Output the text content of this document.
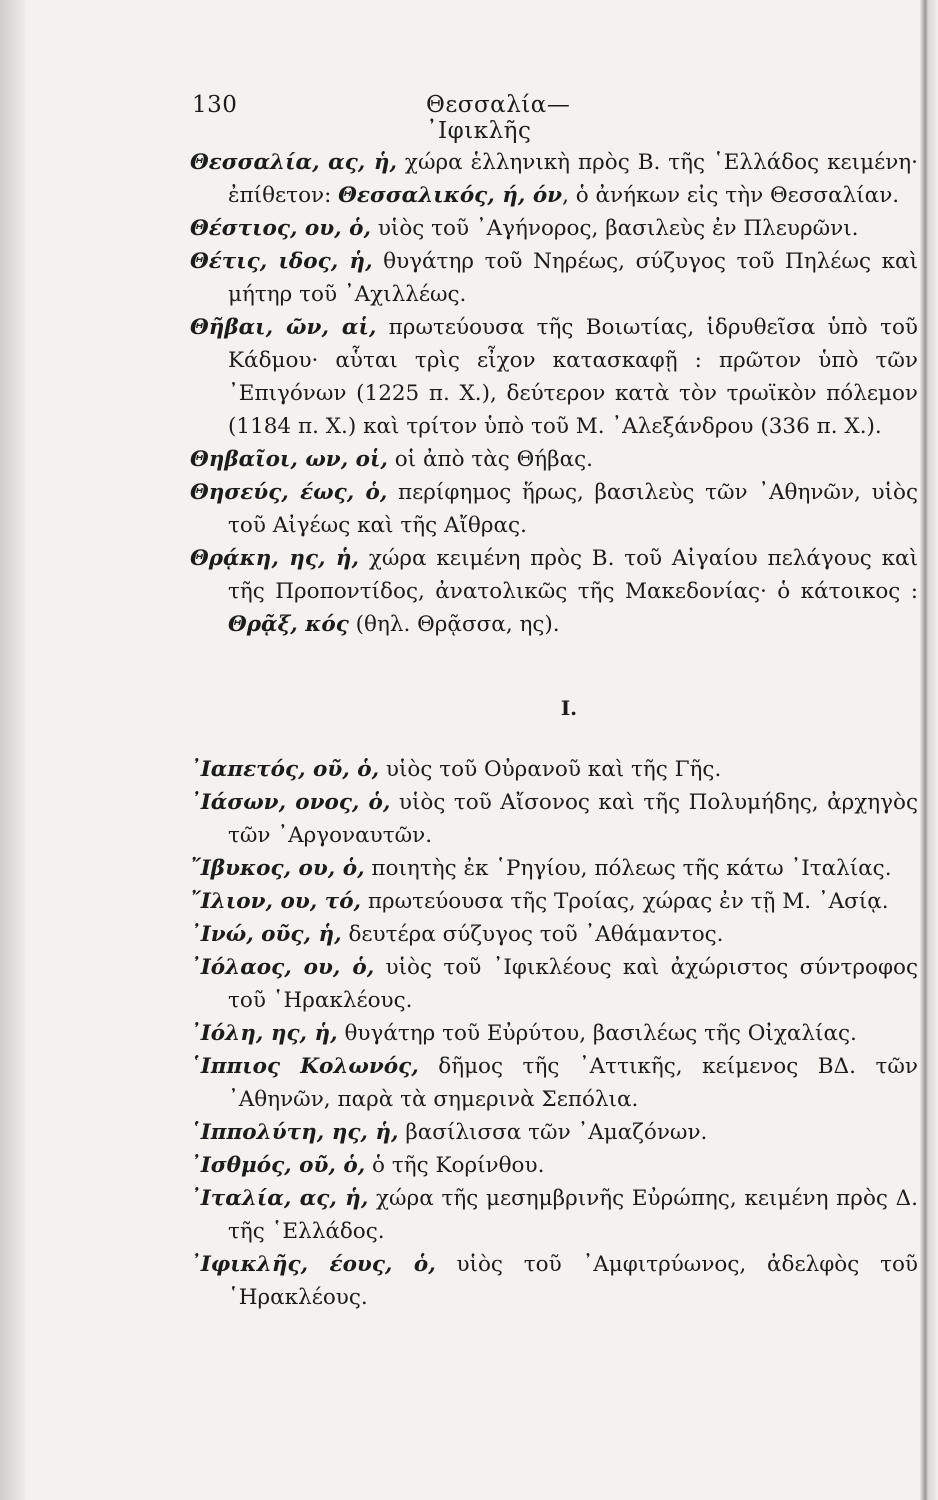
130	Θεσσαλία—᾿Ιφικλῆς
Θεσσαλία, ας, ἡ, χώρα ἑλληνικὴ πρὸς Β. τῆς ῾Ελλάδος κειμένη· ἐπίθετον: Θεσσαλικός, ή, όν, ὁ ἀνήκων εἰς τὴν Θεσσαλίαν.
Θέστιος, ου, ὁ, υἱὸς τοῦ ᾿Αγήνορος, βασιλεὺς ἐν Πλευρῶνι.
Θέτις, ιδος, ἡ, θυγάτηρ τοῦ Νηρέως, σύζυγος τοῦ Πηλέως καὶ μήτηρ τοῦ ᾿Αχιλλέως.
Θῆβαι, ῶν, αἱ, πρωτεύουσα τῆς Βοιωτίας, ἱδρυθεῖσα ὑπὸ τοῦ Κάδμου· αὗται τρὶς εἶχον κατασκαφῇ : πρῶτον ὑπὸ τῶν ᾿Επιγόνων (1225 π. Χ.), δεύτερον κατὰ τὸν τρωϊκὸν πόλεμον (1184 π. Χ.) καὶ τρίτον ὑπὸ τοῦ Μ. ᾿Αλεξάνδρου (336 π. Χ.).
Θηβαῖοι, ων, οἱ, οἱ ἀπὸ τὰς Θήβας.
Θησεύς, έως, ὁ, περίφημος ἥρως, βασιλεὺς τῶν ᾿Αθηνῶν, υἱὸς τοῦ Αἰγέως καὶ τῆς Αἴθρας.
Θρᾴκη, ης, ἡ, χώρα κειμένη πρὸς Β. τοῦ Αἰγαίου πελάγους καὶ τῆς Προποντίδος, ἀνατολικῶς τῆς Μακεδονίας· ὁ κάτοικος : Θρᾷξ, κός (θηλ. Θρᾷσσα, ης).
Ι.
᾿Ιαπετός, οῦ, ὁ, υἱὸς τοῦ Οὐρανοῦ καὶ τῆς Γῆς.
᾿Ιάσων, ονος, ὁ, υἱὸς τοῦ Αἴσονος καὶ τῆς Πολυμήδης, ἀρχηγὸς τῶν ᾿Αργοναυτῶν.
῎Ιβυκος, ου, ὁ, ποιητὴς ἐκ ῾Ρηγίου, πόλεως τῆς κάτω ᾿Ιταλίας.
῎Ιλιον, ου, τό, πρωτεύουσα τῆς Τροίας, χώρας ἐν τῇ Μ. ᾿Ασίᾳ.
᾿Ινώ, οῦς, ἡ, δευτέρα σύζυγος τοῦ ᾿Αθάμαντος.
᾿Ιόλαος, ου, ὁ, υἱὸς τοῦ ᾿Ιφικλέους καὶ ἀχώριστος σύντροφος τοῦ ῾Ηρακλέους.
᾿Ιόλη, ης, ἡ, θυγάτηρ τοῦ Εὐρύτου, βασιλέως τῆς Οἰχαλίας.
῾Ιππιος Κολωνός, δῆμος τῆς ᾿Αττικῆς, κείμενος ΒΔ. τῶν ᾿Αθηνῶν, παρὰ τὰ σημερινὰ Σεπόλια.
῾Ιππολύτη, ης, ἡ, βασίλισσα τῶν ᾿Αμαζόνων.
᾿Ισθμός, οῦ, ὁ, ὁ τῆς Κορίνθου.
᾿Ιταλία, ας, ἡ, χώρα τῆς μεσημβρινῆς Εὐρώπης, κειμένη πρὸς Δ. τῆς ῾Ελλάδος.
᾿Ιφικλῆς, έους, ὁ, υἱὸς τοῦ ᾿Αμφιτρύωνος, ἀδελφὸς τοῦ ῾Ηρακλέους.
